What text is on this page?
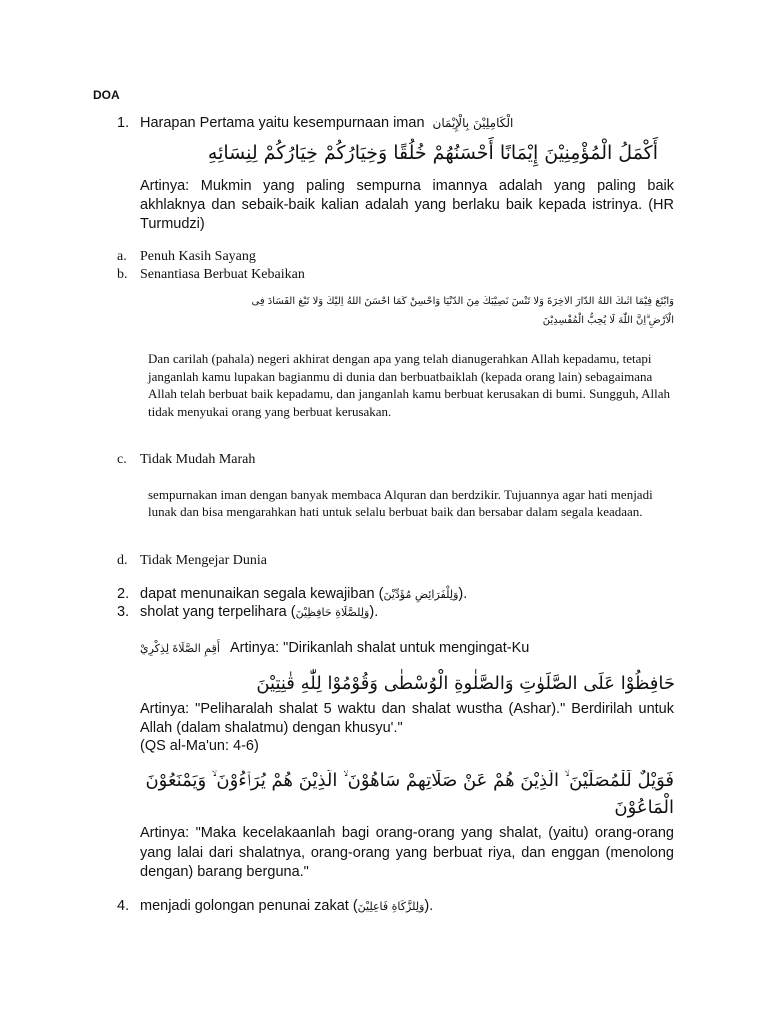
DOA
1. Harapan Pertama yaitu kesempurnaan iman الْكَامِلِيْنَ بِالْإِيْمَان
أَكْمَلُ الْمُؤْمِنِيْنَ إِيْمَانًا أَحْسَنُهُمْ خُلُقًا وَخِيَارُكُمْ خِيَارُكُمْ لِنِسَائِهِ
Artinya: Mukmin yang paling sempurna imannya adalah yang paling baik akhlaknya dan sebaik-baik kalian adalah yang berlaku baik kepada istrinya. (HR Turmudzi)
a. Penuh Kasih Sayang
b. Senantiasa Berbuat Kebaikan
وَابْتَغِ فِيْمَآ اٰتٰىكَ اللّٰهُ الدَّارَ الْاٰخِرَةَ وَلَا تَنْسَ نَصِيْبَكَ مِنَ الدُّنْيَا وَاَحْسِنْ كَمَآ اَحْسَنَ اللّٰهُ اِلَيْكَ وَلَا تَبْغِ الْفَسَادَ فِى
الْاَرْضِ ۗاِنَّ اللّٰهَ لَا يُحِبُّ الْمُفْسِدِيْنَ
Dan carilah (pahala) negeri akhirat dengan apa yang telah dianugerahkan Allah kepadamu, tetapi janganlah kamu lupakan bagianmu di dunia dan berbuatbaiklah (kepada orang lain) sebagaimana Allah telah berbuat baik kepadamu, dan janganlah kamu berbuat kerusakan di bumi. Sungguh, Allah tidak menyukai orang yang berbuat kerusakan.
c. Tidak Mudah Marah
sempurnakan iman dengan banyak membaca Alquran dan berdzikir. Tujuannya agar hati menjadi lunak dan bisa mengarahkan hati untuk selalu berbuat baik dan bersabar dalam segala keadaan.
d. Tidak Mengejar Dunia
2. dapat menunaikan segala kewajiban (وَلِلْفَرَائِضِ مُؤَدِّيْنَ).
3. sholat yang terpelihara (وَلِلصَّلَاةِ حَافِظِيْنَ).
أَقِمِ الصَّلَاةَ لِذِكْرِيْ Artinya: "Dirikanlah shalat untuk mengingat-Ku
حَافِظُوْا عَلَى الصَّلَوٰتِ وَالصَّلٰوةِ الْوُسْطٰى وَقُوْمُوْا لِلّٰهِ قٰنِتِيْنَ
Artinya: "Peliharalah shalat 5 waktu dan shalat wustha (Ashar)." Berdirilah untuk Allah (dalam shalatmu) dengan khusyu'."
(QS al-Ma'un: 4-6)
فَوَيْلٌ لِّلْمُصَلِّيْنَ ۙ الَّذِيْنَ هُمْ عَنْ صَلَاتِهِمْ سَاهُوْنَ ۙ الَّذِيْنَ هُمْ يُرَاۤءُوْنَ ۙ وَيَمْنَعُوْنَ
الْمَاعُوْنَ
Artinya: "Maka kecelakaanlah bagi orang-orang yang shalat, (yaitu) orang-orang yang lalai dari shalatnya, orang-orang yang berbuat riya, dan enggan (menolong dengan) barang berguna."
4. menjadi golongan penunai zakat (وَلِلزَّكَاةِ فَاعِلِيْنَ).
